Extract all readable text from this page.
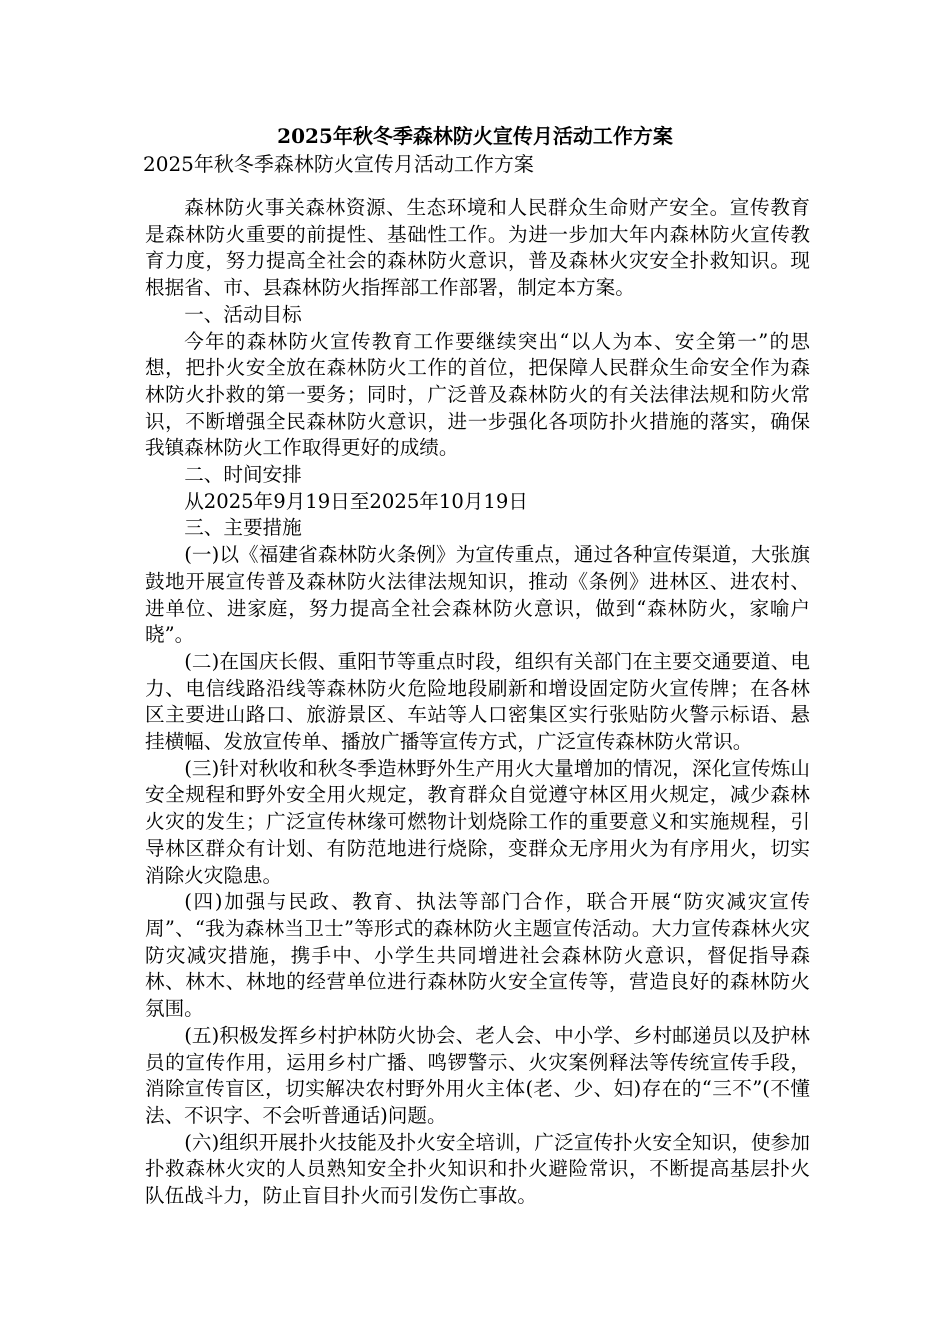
2025年秋冬季森林防火宣传月活动工作方案
2025年秋冬季森林防火宣传月活动工作方案

森林防火事关森林资源、生态环境和人民群众生命财产安全。宣传教育是森林防火重要的前提性、基础性工作。为进一步加大年内森林防火宣传教育力度，努力提高全社会的森林防火意识，普及森林火灾安全扑救知识。现根据省、市、县森林防火指挥部工作部署，制定本方案。

一、活动目标

今年的森林防火宣传教育工作要继续突出“以人为本、安全第一”的思想，把扑火安全放在森林防火工作的首位，把保障人民群众生命安全作为森林防火扑救的第一要务；同时，广泛普及森林防火的有关法律法规和防火常识，不断增强全民森林防火意识，进一步强化各项防扑火措施的落实，确保我镇森林防火工作取得更好的成绩。

二、时间安排

从2025年9月19日至2025年10月19日

三、主要措施

(一)以《福建省森林防火条例》为宣传重点，通过各种宣传渠道，大张旗鼓地开展宣传普及森林防火法律法规知识，推动《条例》进林区、进农村、进单位、进家庭，努力提高全社会森林防火意识，做到“森林防火，家喻户晓”。

(二)在国庆长假、重阳节等重点时段，组织有关部门在主要交通要道、电力、电信线路沿线等森林防火危险地段刷新和增设固定防火宣传牌；在各林区主要进山路口、旅游景区、车站等人口密集区实行张贴防火警示标语、悬挂横幅、发放宣传单、播放广播等宣传方式，广泛宣传森林防火常识。

(三)针对秋收和秋冬季造林野外生产用火大量增加的情况，深化宣传炼山安全规程和野外安全用火规定，教育群众自觉遵守林区用火规定，减少森林火灾的发生；广泛宣传林缘可燃物计划烧除工作的重要意义和实施规程，引导林区群众有计划、有防范地进行烧除，变群众无序用火为有序用火，切实消除火灾隐患。

(四)加强与民政、教育、执法等部门合作，联合开展“防灾减灾宣传周”、“我为森林当卫士”等形式的森林防火主题宣传活动。大力宣传森林火灾防灾减灾措施，携手中、小学生共同增进社会森林防火意识，督促指导森林、林木、林地的经营单位进行森林防火安全宣传等，营造良好的森林防火氛围。

(五)积极发挥乡村护林防火协会、老人会、中小学、乡村邮递员以及护林员的宣传作用，运用乡村广播、鸣锣警示、火灾案例释法等传统宣传手段，消除宣传盲区，切实解决农村野外用火主体(老、少、妇)存在的“三不”(不懂法、不识字、不会听普通话)问题。

(六)组织开展扑火技能及扑火安全培训，广泛宣传扑火安全知识，使参加扑救森林火灾的人员熟知安全扑火知识和扑火避险常识，不断提高基层扑火队伍战斗力，防止盲目扑火而引发伤亡事故。
